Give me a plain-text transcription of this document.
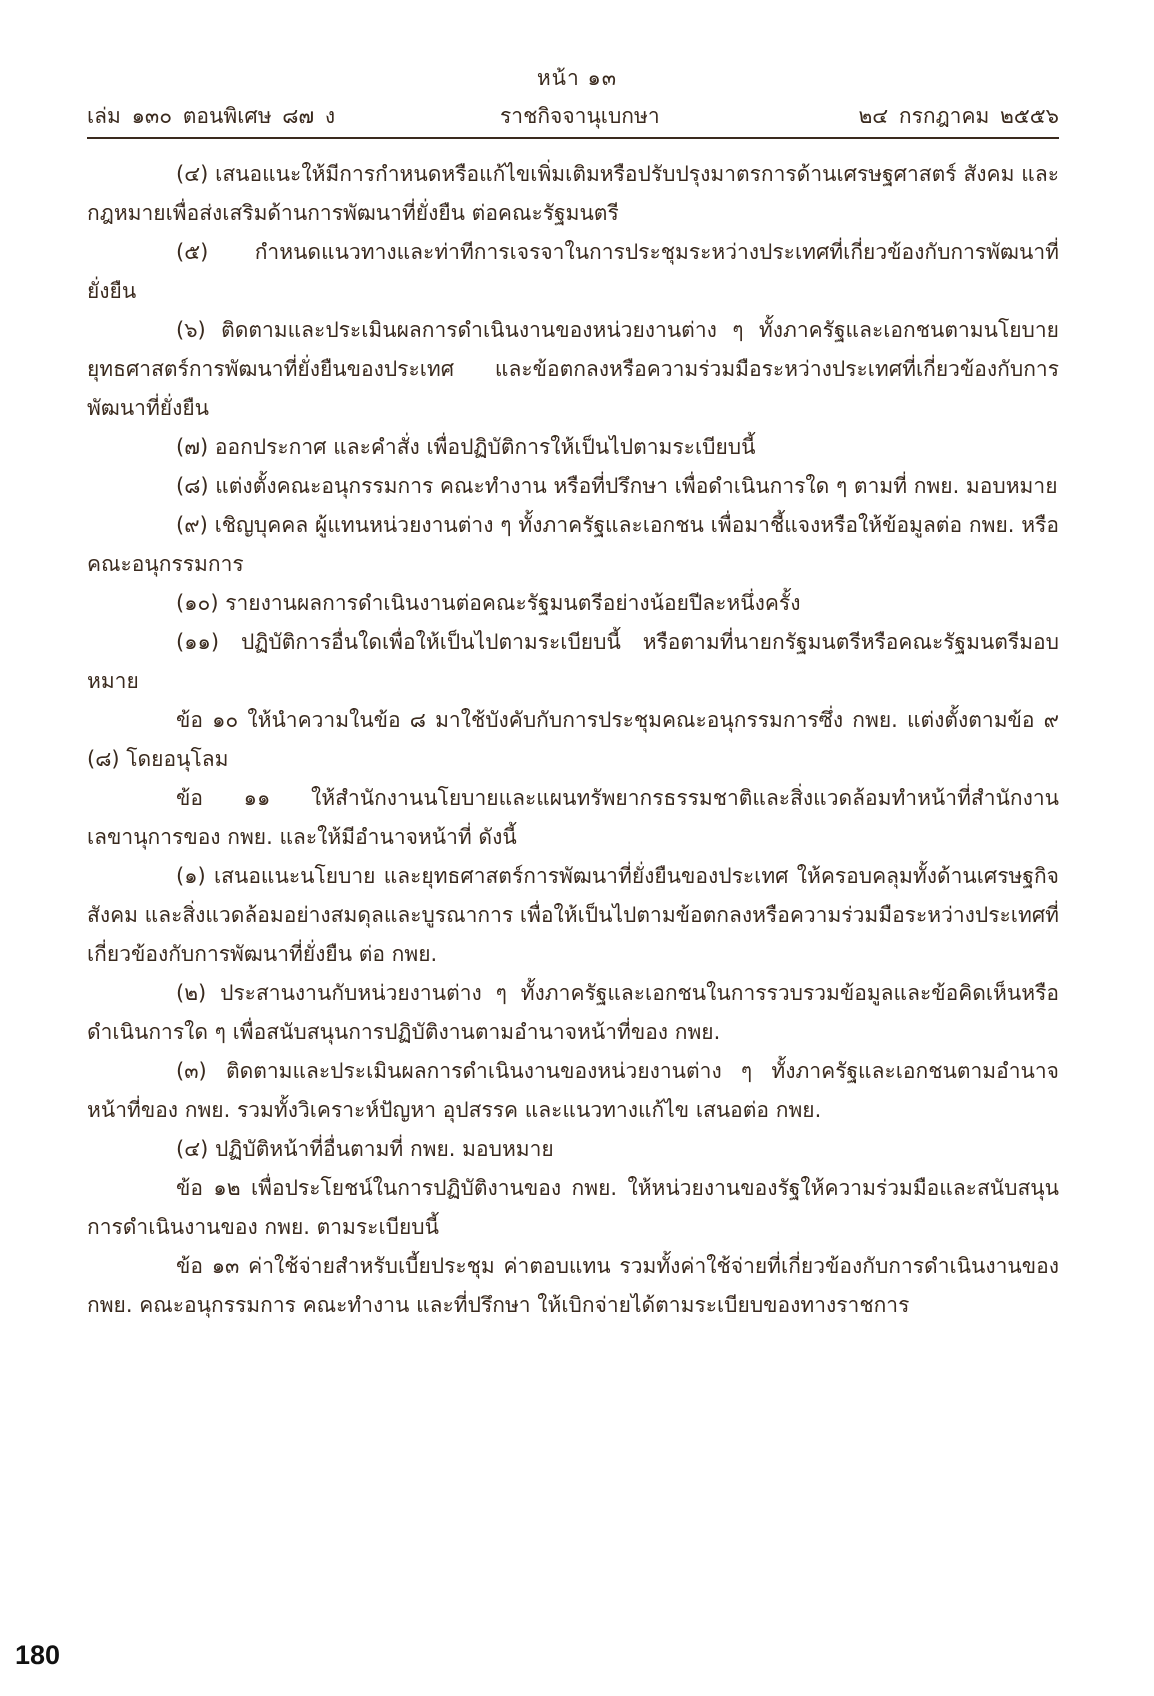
หน้า ๑๓
เล่ม ๑๓๐ ตอนพิเศษ ๘๗ ง	ราชกิจจานุเบกษา	๒๔ กรกฎาคม ๒๕๕๖

(๔) เสนอแนะให้มีการกำหนดหรือแก้ไขเพิ่มเติมหรือปรับปรุงมาตรการด้านเศรษฐศาสตร์ สังคม และกฎหมายเพื่อส่งเสริมด้านการพัฒนาที่ยั่งยืน ต่อคณะรัฐมนตรี

(๕) กำหนดแนวทางและท่าทีการเจรจาในการประชุมระหว่างประเทศที่เกี่ยวข้องกับการพัฒนาที่ยั่งยืน

(๖) ติดตามและประเมินผลการดำเนินงานของหน่วยงานต่าง ๆ ทั้งภาครัฐและเอกชนตามนโยบายยุทธศาสตร์การพัฒนาที่ยั่งยืนของประเทศ และข้อตกลงหรือความร่วมมือระหว่างประเทศที่เกี่ยวข้องกับการพัฒนาที่ยั่งยืน

(๗) ออกประกาศ และคำสั่ง เพื่อปฏิบัติการให้เป็นไปตามระเบียบนี้

(๘) แต่งตั้งคณะอนุกรรมการ คณะทำงาน หรือที่ปรึกษา เพื่อดำเนินการใด ๆ ตามที่ กพย. มอบหมาย

(๙) เชิญบุคคล ผู้แทนหน่วยงานต่าง ๆ ทั้งภาครัฐและเอกชน เพื่อมาชี้แจงหรือให้ข้อมูลต่อ กพย. หรือคณะอนุกรรมการ

(๑๐) รายงานผลการดำเนินงานต่อคณะรัฐมนตรีอย่างน้อยปีละหนึ่งครั้ง

(๑๑) ปฏิบัติการอื่นใดเพื่อให้เป็นไปตามระเบียบนี้ หรือตามที่นายกรัฐมนตรีหรือคณะรัฐมนตรีมอบหมาย

ข้อ ๑๐ ให้นำความในข้อ ๘ มาใช้บังคับกับการประชุมคณะอนุกรรมการซึ่ง กพย. แต่งตั้งตามข้อ ๙ (๘) โดยอนุโลม

ข้อ ๑๑ ให้สำนักงานนโยบายและแผนทรัพยากรธรรมชาติและสิ่งแวดล้อมทำหน้าที่สำนักงานเลขานุการของ กพย. และให้มีอำนาจหน้าที่ ดังนี้

(๑) เสนอแนะนโยบาย และยุทธศาสตร์การพัฒนาที่ยั่งยืนของประเทศ ให้ครอบคลุมทั้งด้านเศรษฐกิจ สังคม และสิ่งแวดล้อมอย่างสมดุลและบูรณาการ เพื่อให้เป็นไปตามข้อตกลงหรือความร่วมมือระหว่างประเทศที่เกี่ยวข้องกับการพัฒนาที่ยั่งยืน ต่อ กพย.

(๒) ประสานงานกับหน่วยงานต่าง ๆ ทั้งภาครัฐและเอกชนในการรวบรวมข้อมูลและข้อคิดเห็นหรือดำเนินการใด ๆ เพื่อสนับสนุนการปฏิบัติงานตามอำนาจหน้าที่ของ กพย.

(๓) ติดตามและประเมินผลการดำเนินงานของหน่วยงานต่าง ๆ ทั้งภาครัฐและเอกชนตามอำนาจหน้าที่ของ กพย. รวมทั้งวิเคราะห์ปัญหา อุปสรรค และแนวทางแก้ไข เสนอต่อ กพย.

(๔) ปฏิบัติหน้าที่อื่นตามที่ กพย. มอบหมาย

ข้อ ๑๒ เพื่อประโยชน์ในการปฏิบัติงานของ กพย. ให้หน่วยงานของรัฐให้ความร่วมมือและสนับสนุนการดำเนินงานของ กพย. ตามระเบียบนี้

ข้อ ๑๓ ค่าใช้จ่ายสำหรับเบี้ยประชุม ค่าตอบแทน รวมทั้งค่าใช้จ่ายที่เกี่ยวข้องกับการดำเนินงานของ กพย. คณะอนุกรรมการ คณะทำงาน และที่ปรึกษา ให้เบิกจ่ายได้ตามระเบียบของทางราชการ

180
